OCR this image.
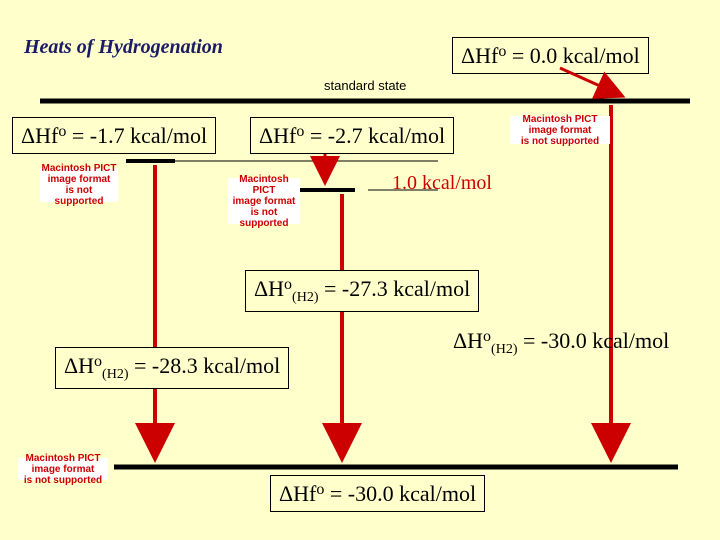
Heats of Hydrogenation	ΔHf$^o$ = 0.0 kcal/mol
standard state
ΔHf$^o$ = -1.7 kcal/mol	ΔHf$^o$ = -2.7 kcal/mol
1.0 kcal/mol
Macintosh PICT
image format
is not supported
Macintosh PICT
image format
is not supported
Macintosh PICT
image format
is not supported
Macintosh PICT
image format
is not supported
$\Delta H^o_{(H2)} = -27.3$ kcal/mol
$\Delta H^o_{(H2)} = -28.3$ kcal/mol
$\Delta H^o_{(H2)} = -30.0$ kcal/mol
ΔHf$^o$ = -30.0 kcal/mol
